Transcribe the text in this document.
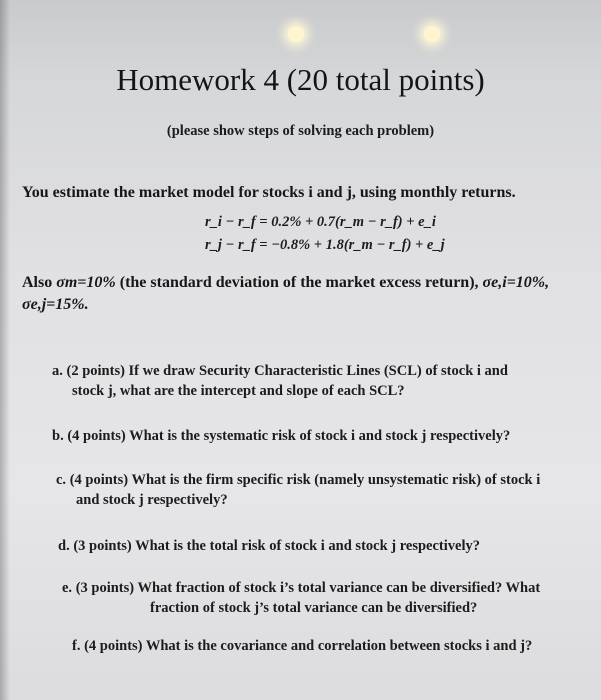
Homework 4 (20 total points)
(please show steps of solving each problem)
You estimate the market model for stocks i and j, using monthly returns.
r_i − r_f = 0.2% + 0.7(r_m − r_f) + e_i
r_j − r_f = −0.8% + 1.8(r_m − r_f) + e_j
Also σm=10% (the standard deviation of the market excess return), σe,i=10%,
σe,j=15%.
a. (2 points) If we draw Security Characteristic Lines (SCL) of stock i and
stock j, what are the intercept and slope of each SCL?
b. (4 points) What is the systematic risk of stock i and stock j respectively?
c. (4 points) What is the firm specific risk (namely unsystematic risk) of stock i
and stock j respectively?
d. (3 points) What is the total risk of stock i and stock j respectively?
e. (3 points) What fraction of stock i’s total variance can be diversified? What
fraction of stock j’s total variance can be diversified?
f. (4 points) What is the covariance and correlation between stocks i and j?
